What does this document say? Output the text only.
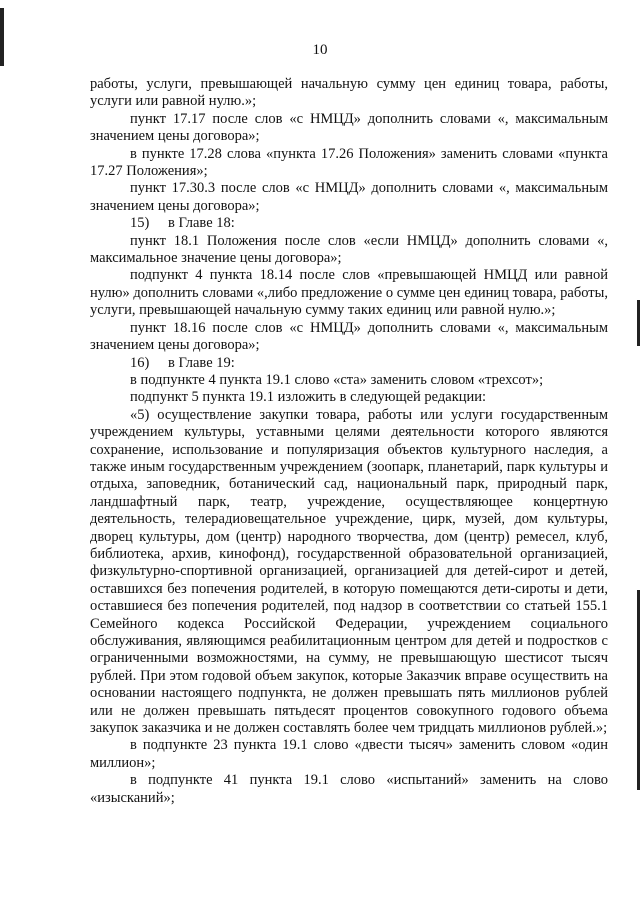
10

работы, услуги, превышающей начальную сумму цен единиц товара, работы, услуги или равной нулю.»;

пункт 17.17 после слов «с НМЦД» дополнить словами «, максимальным значением цены договора»;

в пункте 17.28 слова «пункта 17.26 Положения» заменить словами «пункта 17.27 Положения»;

пункт 17.30.3 после слов «с НМЦД» дополнить словами «, максимальным значением цены договора»;

15) в Главе 18:

пункт 18.1 Положения после слов «если НМЦД» дополнить словами «, максимальное значение цены договора»;

подпункт 4 пункта 18.14 после слов «превышающей НМЦД или равной нулю» дополнить словами «,либо предложение о сумме цен единиц товара, работы, услуги, превышающей начальную сумму таких единиц или равной нулю.»;

пункт 18.16 после слов «с НМЦД» дополнить словами «, максимальным значением цены договора»;

16) в Главе 19:

в подпункте 4 пункта 19.1 слово «ста» заменить словом «трехсот»;

подпункт 5 пункта 19.1 изложить в следующей редакции:

«5) осуществление закупки товара, работы или услуги государственным учреждением культуры, уставными целями деятельности которого являются сохранение, использование и популяризация объектов культурного наследия, а также иным государственным учреждением (зоопарк, планетарий, парк культуры и отдыха, заповедник, ботанический сад, национальный парк, природный парк, ландшафтный парк, театр, учреждение, осуществляющее концертную деятельность, телерадиовещательное учреждение, цирк, музей, дом культуры, дворец культуры, дом (центр) народного творчества, дом (центр) ремесел, клуб, библиотека, архив, кинофонд), государственной образовательной организацией, физкультурно-спортивной организацией, организацией для детей-сирот и детей, оставшихся без попечения родителей, в которую помещаются дети-сироты и дети, оставшиеся без попечения родителей, под надзор в соответствии со статьей 155.1 Семейного кодекса Российской Федерации, учреждением социального обслуживания, являющимся реабилитационным центром для детей и подростков с ограниченными возможностями, на сумму, не превышающую шестисот тысяч рублей. При этом годовой объем закупок, которые Заказчик вправе осуществить на основании настоящего подпункта, не должен превышать пять миллионов рублей или не должен превышать пятьдесят процентов совокупного годового объема закупок заказчика и не должен составлять более чем тридцать миллионов рублей.»;

в подпункте 23 пункта 19.1 слово «двести тысяч» заменить словом «один миллион»;

в подпункте 41 пункта 19.1 слово «испытаний» заменить на слово «изысканий»;
